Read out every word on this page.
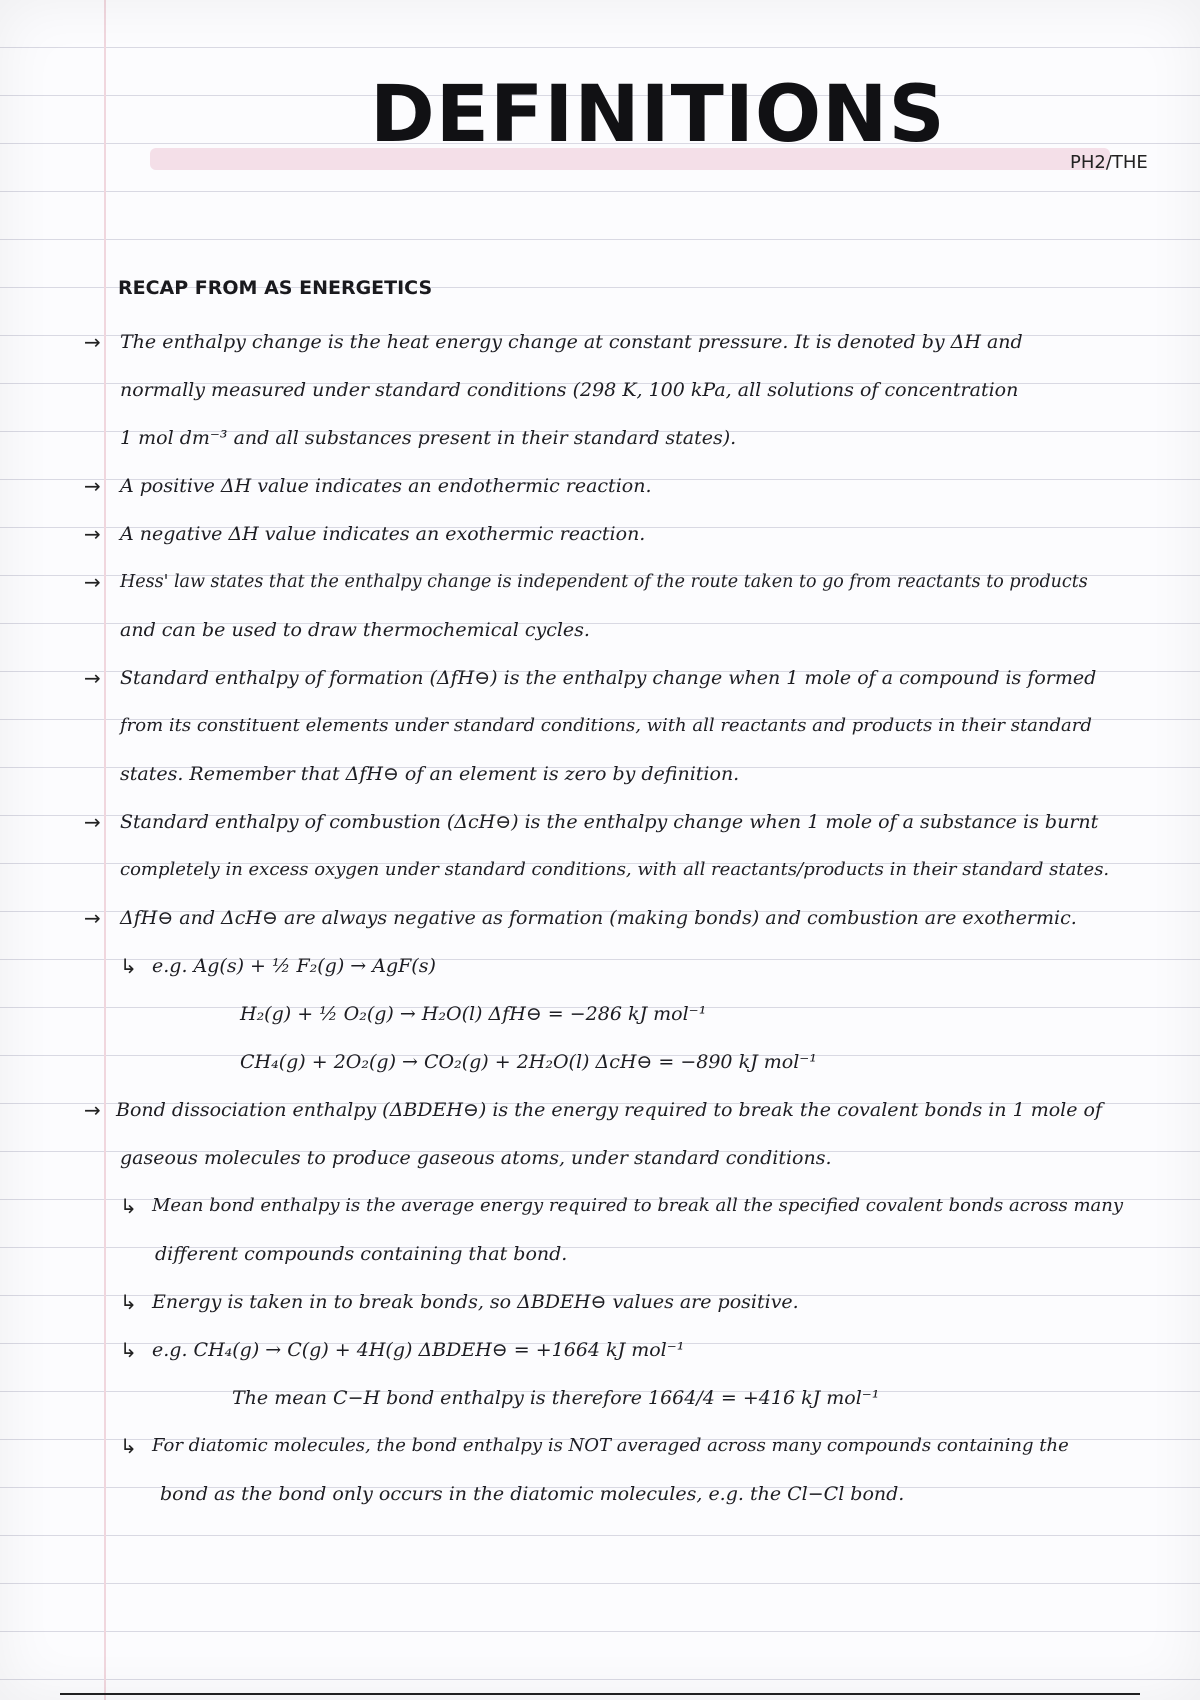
DEFINITIONS
PH2/THE
RECAP FROM AS ENERGETICS
→	The enthalpy change is the heat energy change at constant pressure. It is denoted by ΔH and
normally measured under standard conditions (298 K, 100 kPa, all solutions of concentration
1 mol dm⁻³ and all substances present in their standard states).
→	A positive ΔH value indicates an endothermic reaction.
→	A negative ΔH value indicates an exothermic reaction.
→	Hess' law states that the enthalpy change is independent of the route taken to go from reactants to products
and can be used to draw thermochemical cycles.
→	Standard enthalpy of formation (ΔfH⊖) is the enthalpy change when 1 mole of a compound is formed
from its constituent elements under standard conditions, with all reactants and products in their standard
states. Remember that ΔfH⊖ of an element is zero by definition.
→	Standard enthalpy of combustion (ΔcH⊖) is the enthalpy change when 1 mole of a substance is burnt
completely in excess oxygen under standard conditions, with all reactants/products in their standard states.
→	ΔfH⊖ and ΔcH⊖ are always negative as formation (making bonds) and combustion are exothermic.
↳ e.g. Ag(s) + ½ F₂(g) → AgF(s)
H₂(g) + ½ O₂(g) → H₂O(l) ΔfH⊖ = −286 kJ mol⁻¹
CH₄(g) + 2O₂(g) → CO₂(g) + 2H₂O(l) ΔcH⊖ = −890 kJ mol⁻¹
→ Bond dissociation enthalpy (ΔBDEH⊖) is the energy required to break the covalent bonds in 1 mole of
gaseous molecules to produce gaseous atoms, under standard conditions.
↳ Mean bond enthalpy is the average energy required to break all the specified covalent bonds across many
different compounds containing that bond.
↳ Energy is taken in to break bonds, so ΔBDEH⊖ values are positive.
↳ e.g. CH₄(g) → C(g) + 4H(g) ΔBDEH⊖ = +1664 kJ mol⁻¹
The mean C−H bond enthalpy is therefore 1664/4 = +416 kJ mol⁻¹
↳ For diatomic molecules, the bond enthalpy is NOT averaged across many compounds containing the
bond as the bond only occurs in the diatomic molecules, e.g. the Cl−Cl bond.
